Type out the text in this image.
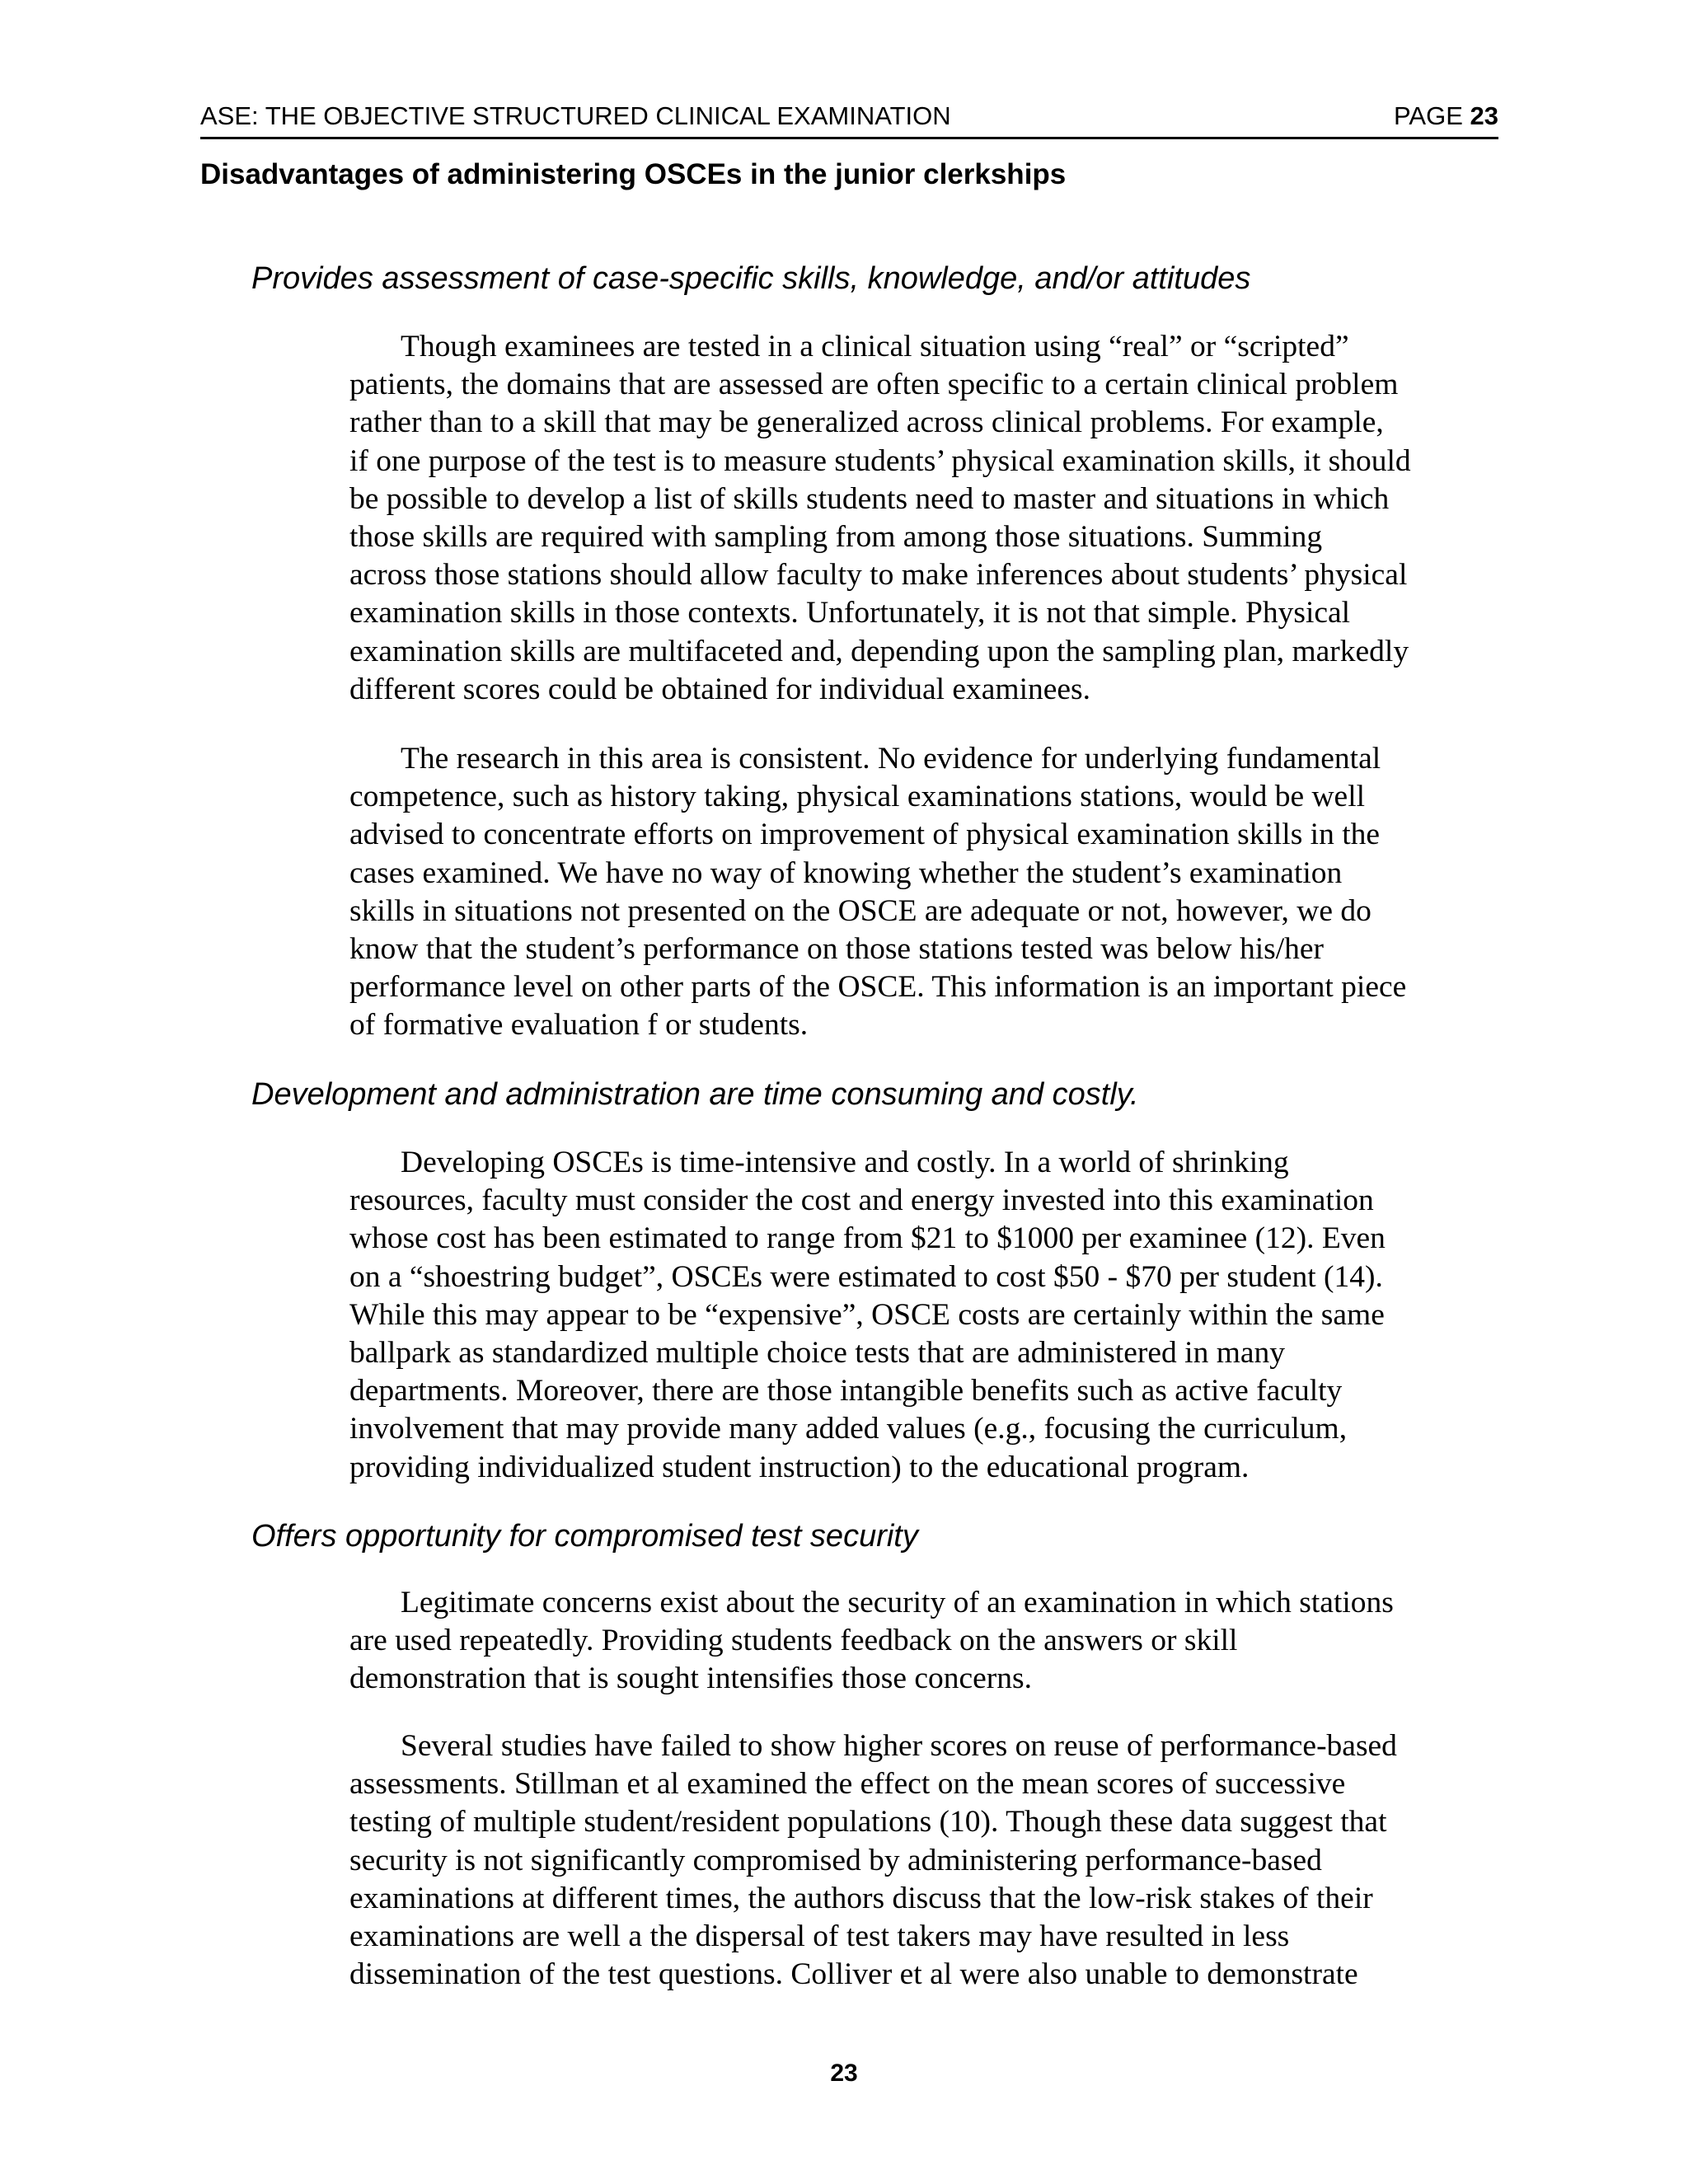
ASE: THE OBJECTIVE STRUCTURED CLINICAL EXAMINATION	PAGE 23
Disadvantages of administering OSCEs in the junior clerkships
Provides assessment of case-specific skills, knowledge, and/or attitudes
Though examinees are tested in a clinical situation using “real” or “scripted”
patients, the domains that are assessed are often specific to a certain clinical problem
rather than to a skill that may be generalized across clinical problems. For example,
if one purpose of the test is to measure students’ physical examination skills, it should
be possible to develop a list of skills students need to master and situations in which
those skills are required with sampling from among those situations. Summing
across those stations should allow faculty to make inferences about students’ physical
examination skills in those contexts. Unfortunately, it is not that simple. Physical
examination skills are multifaceted and, depending upon the sampling plan, markedly
different scores could be obtained for individual examinees.
The research in this area is consistent. No evidence for underlying fundamental
competence, such as history taking, physical examinations stations, would be well
advised to concentrate efforts on improvement of physical examination skills in the
cases examined. We have no way of knowing whether the student’s examination
skills in situations not presented on the OSCE are adequate or not, however, we do
know that the student’s performance on those stations tested was below his/her
performance level on other parts of the OSCE. This information is an important piece
of formative evaluation f or students.
Development and administration are time consuming and costly.
Developing OSCEs is time-intensive and costly. In a world of shrinking
resources, faculty must consider the cost and energy invested into this examination
whose cost has been estimated to range from $21 to $1000 per examinee (12). Even
on a “shoestring budget”, OSCEs were estimated to cost $50 - $70 per student (14).
While this may appear to be “expensive”, OSCE costs are certainly within the same
ballpark as standardized multiple choice tests that are administered in many
departments. Moreover, there are those intangible benefits such as active faculty
involvement that may provide many added values (e.g., focusing the curriculum,
providing individualized student instruction) to the educational program.
Offers opportunity for compromised test security
Legitimate concerns exist about the security of an examination in which stations
are used repeatedly. Providing students feedback on the answers or skill
demonstration that is sought intensifies those concerns.
Several studies have failed to show higher scores on reuse of performance-based
assessments. Stillman et al examined the effect on the mean scores of successive
testing of multiple student/resident populations (10). Though these data suggest that
security is not significantly compromised by administering performance-based
examinations at different times, the authors discuss that the low-risk stakes of their
examinations are well a the dispersal of test takers may have resulted in less
dissemination of the test questions. Colliver et al were also unable to demonstrate
23
